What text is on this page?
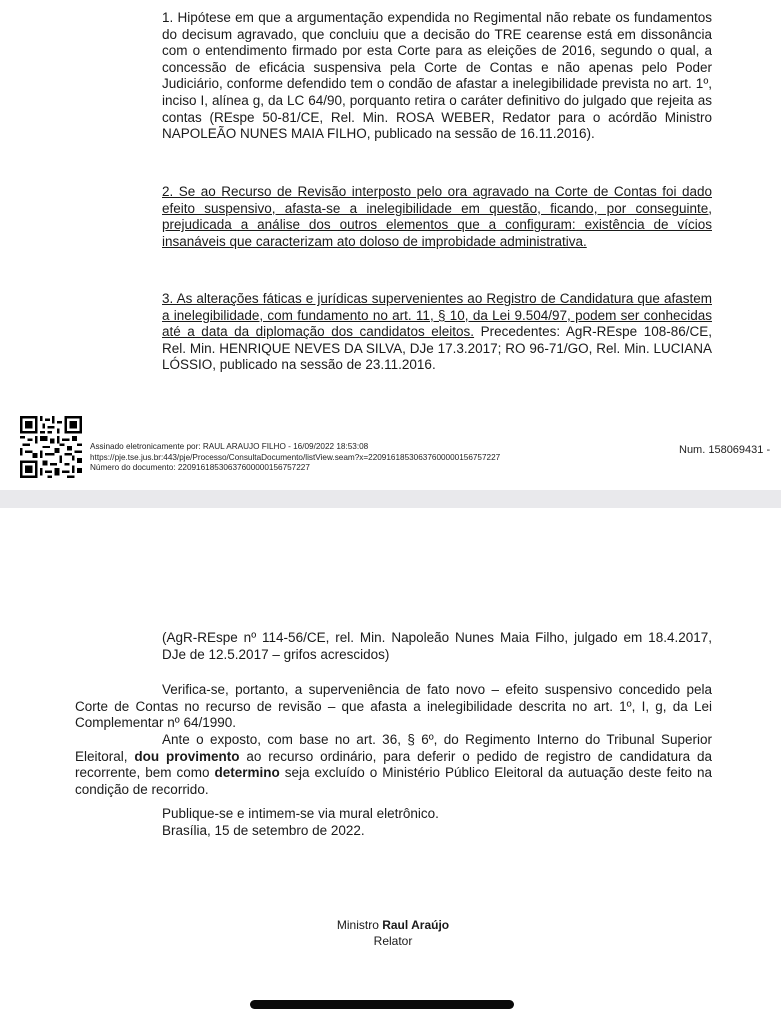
1. Hipótese em que a argumentação expendida no Regimental não rebate os fundamentos do decisum agravado, que concluiu que a decisão do TRE cearense está em dissonância com o entendimento firmado por esta Corte para as eleições de 2016, segundo o qual, a concessão de eficácia suspensiva pela Corte de Contas e não apenas pelo Poder Judiciário, conforme defendido tem o condão de afastar a inelegibilidade prevista no art. 1º, inciso I, alínea g, da LC 64/90, porquanto retira o caráter definitivo do julgado que rejeita as contas (REspe 50-81/CE, Rel. Min. ROSA WEBER, Redator para o acórdão Ministro NAPOLEÃO NUNES MAIA FILHO, publicado na sessão de 16.11.2016).

2. Se ao Recurso de Revisão interposto pelo ora agravado na Corte de Contas foi dado efeito suspensivo, afasta-se a inelegibilidade em questão, ficando, por conseguinte, prejudicada a análise dos outros elementos que a configuram: existência de vícios insanáveis que caracterizam ato doloso de improbidade administrativa.

3. As alterações fáticas e jurídicas supervenientes ao Registro de Candidatura que afastem a inelegibilidade, com fundamento no art. 11, § 10, da Lei 9.504/97, podem ser conhecidas até a data da diplomação dos candidatos eleitos. Precedentes: AgR-REspe 108-86/CE, Rel. Min. HENRIQUE NEVES DA SILVA, DJe 17.3.2017; RO 96-71/GO, Rel. Min. LUCIANA LÓSSIO, publicado na sessão de 23.11.2016.

Assinado eletronicamente por: RAUL ARAUJO FILHO - 16/09/2022 18:53:08
https://pje.tse.jus.br:443/pje/Processo/ConsultaDocumento/listView.seam?x=22091618530637600000156757227
Número do documento: 22091618530637600000156757227
Num. 158069431 -

(AgR-REspe nº 114-56/CE, rel. Min. Napoleão Nunes Maia Filho, julgado em 18.4.2017, DJe de 12.5.2017 – grifos acrescidos)

Verifica-se, portanto, a superveniência de fato novo – efeito suspensivo concedido pela Corte de Contas no recurso de revisão – que afasta a inelegibilidade descrita no art. 1º, I, g, da Lei Complementar nº 64/1990.

Ante o exposto, com base no art. 36, § 6º, do Regimento Interno do Tribunal Superior Eleitoral, dou provimento ao recurso ordinário, para deferir o pedido de registro de candidatura da recorrente, bem como determino seja excluído o Ministério Público Eleitoral da autuação deste feito na condição de recorrido.

Publique-se e intimem-se via mural eletrônico.

Brasília, 15 de setembro de 2022.

Ministro Raul Araújo
Relator
